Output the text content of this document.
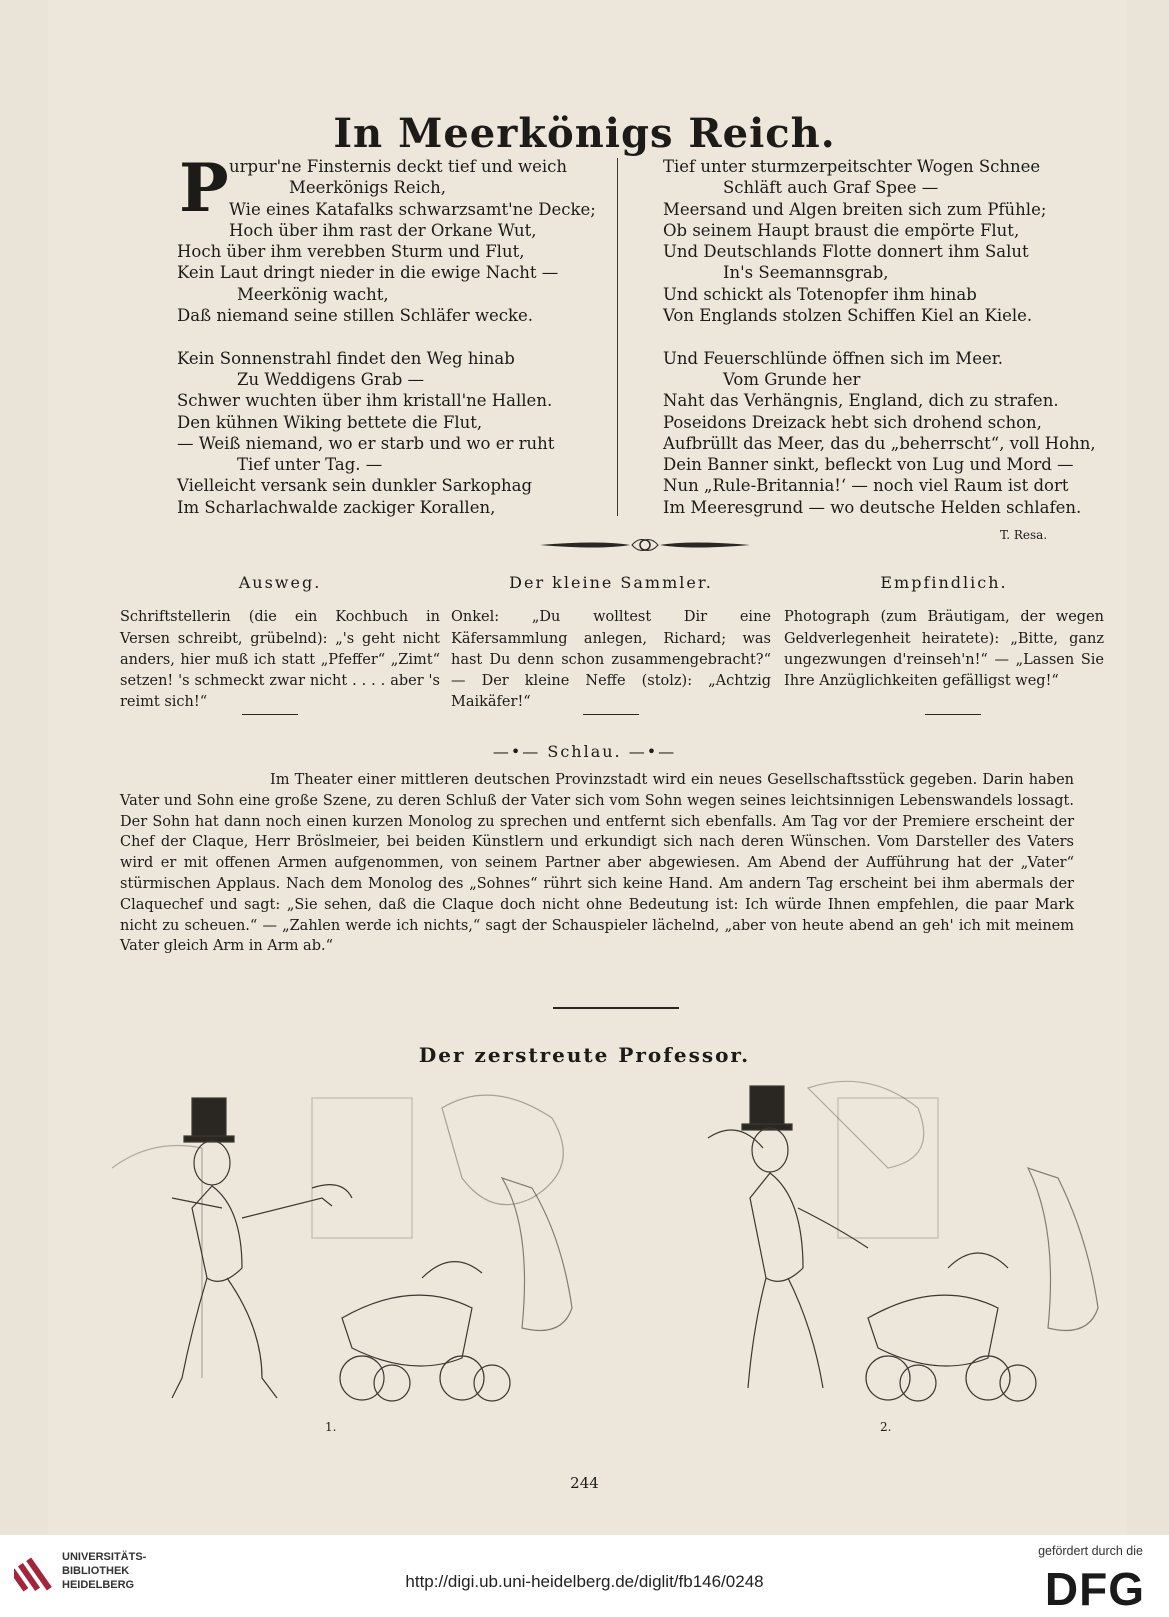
In Meerkönigs Reich.
P urpur'ne Finsternis deckt tief und weich
Meerkönigs Reich,
Wie eines Katafalks schwarzsamt'ne Decke;
Hoch über ihm rast der Orkane Wut,
Hoch über ihm verebben Sturm und Flut,
Kein Laut dringt nieder in die ewige Nacht —
Meerkönig wacht,
Daß niemand seine stillen Schläfer wecke.
Kein Sonnenstrahl findet den Weg hinab
Zu Weddigens Grab —
Schwer wuchten über ihm kristall'ne Hallen.
Den kühnen Wiking bettete die Flut,
— Weiß niemand, wo er starb und wo er ruht
Tief unter Tag. —
Vielleicht versank sein dunkler Sarkophag
Im Scharlachwalde zackiger Korallen,
Tief unter sturmzerpeitschter Wogen Schnee
Schläft auch Graf Spee —
Meersand und Algen breiten sich zum Pfühle;
Ob seinem Haupt braust die empörte Flut,
Und Deutschlands Flotte donnert ihm Salut
In's Seemannsgrab,
Und schickt als Totenopfer ihm hinab
Von Englands stolzen Schiffen Kiel an Kiele.
Und Feuerschlünde öffnen sich im Meer.
Vom Grunde her
Naht das Verhängnis, England, dich zu strafen.
Poseidons Dreizack hebt sich drohend schon,
Aufbrüllt das Meer, das du „beherrscht“, voll Hohn,
Dein Banner sinkt, befleckt von Lug und Mord —
Nun „Rule-Britannia!‘ — noch viel Raum ist dort
Im Meeresgrund — wo deutsche Helden schlafen.
T. Resa.
Ausweg.
Schriftstellerin (die ein Kochbuch in Versen schreibt, grübelnd): „'s geht nicht anders, hier muß ich statt „Pfeffer“ „Zimt“ setzen! 's schmeckt zwar nicht . . . . aber 's reimt sich!“
Der kleine Sammler.
Onkel: „Du wolltest Dir eine Käfersammlung anlegen, Richard; was hast Du denn schon zusammengebracht?“ — Der kleine Neffe (stolz): „Achtzig Maikäfer!“
Empfindlich.
Photograph (zum Bräutigam, der wegen Geldverlegenheit heiratete): „Bitte, ganz ungezwungen d'reinseh'n!“ — „Lassen Sie Ihre Anzüglichkeiten gefälligst weg!“
—•— Schlau. —•—
Im Theater einer mittleren deutschen Provinzstadt wird ein neues Gesellschaftsstück gegeben. Darin haben Vater und Sohn eine große Szene, zu deren Schluß der Vater sich vom Sohn wegen seines leichtsinnigen Lebenswandels lossagt. Der Sohn hat dann noch einen kurzen Monolog zu sprechen und entfernt sich ebenfalls. Am Tag vor der Premiere erscheint der Chef der Claque, Herr Bröslmeier, bei beiden Künstlern und erkundigt sich nach deren Wünschen. Vom Darsteller des Vaters wird er mit offenen Armen aufgenommen, von seinem Partner aber abgewiesen. Am Abend der Aufführung hat der „Vater“ stürmischen Applaus. Nach dem Monolog des „Sohnes“ rührt sich keine Hand. Am andern Tag erscheint bei ihm abermals der Claquechef und sagt: „Sie sehen, daß die Claque doch nicht ohne Bedeutung ist: Ich würde Ihnen empfehlen, die paar Mark nicht zu scheuen.“ — „Zahlen werde ich nichts,“ sagt der Schauspieler lächelnd, „aber von heute abend an geh' ich mit meinem Vater gleich Arm in Arm ab.“
Der zerstreute Professor.
1.	2.
244
UNIVERSITÄTS-
BIBLIOTHEK
HEIDELBERG	http://digi.ub.uni-heidelberg.de/diglit/fb146/0248
gefördert durch die
DFG
